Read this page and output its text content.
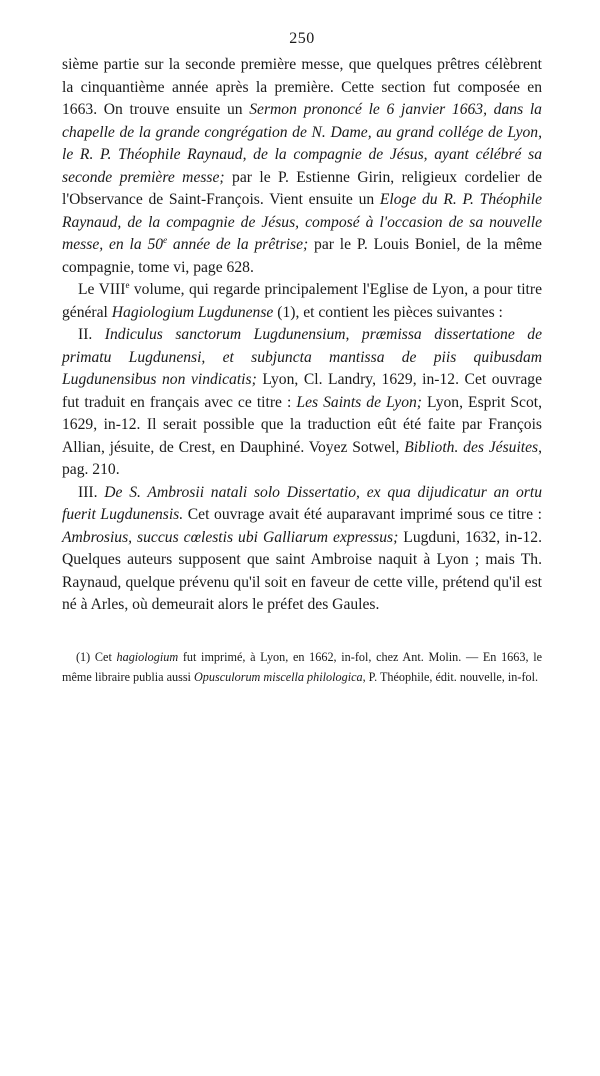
250

sième partie sur la seconde première messe, que quelques prêtres célèbrent la cinquantième année après la première. Cette section fut composée en 1663. On trouve ensuite un Sermon prononcé le 6 janvier 1663, dans la chapelle de la grande congrégation de N. Dame, au grand collége de Lyon, le R. P. Théophile Raynaud, de la compagnie de Jésus, ayant célébré sa seconde première messe; par le P. Estienne Girin, religieux cordelier de l'Observance de Saint-François. Vient ensuite un Eloge du R. P. Théophile Raynaud, de la compagnie de Jésus, composé à l'occasion de sa nouvelle messe, en la 50e année de la prêtrise; par le P. Louis Boniel, de la même compagnie, tome vi, page 628.

Le VIIIe volume, qui regarde principalement l'Eglise de Lyon, a pour titre général Hagiologium Lugdunense (1), et contient les pièces suivantes :

II. Indiculus sanctorum Lugdunensium, præmissa dissertatione de primatu Lugdunensi, et subjuncta mantissa de piis quibusdam Lugdunensibus non vindicatis; Lyon, Cl. Landry, 1629, in-12. Cet ouvrage fut traduit en français avec ce titre : Les Saints de Lyon; Lyon, Esprit Scot, 1629, in-12. Il serait possible que la traduction eût été faite par François Allian, jésuite, de Crest, en Dauphiné. Voyez Sotwel, Biblioth. des Jésuites, pag. 210.

III. De S. Ambrosii natali solo Dissertatio, ex qua dijudicatur an ortu fuerit Lugdunensis. Cet ouvrage avait été auparavant imprimé sous ce titre : Ambrosius, succus cœlestis ubi Galliarum expressus; Lugduni, 1632, in-12. Quelques auteurs supposent que saint Ambroise naquit à Lyon ; mais Th. Raynaud, quelque prévenu qu'il soit en faveur de cette ville, prétend qu'il est né à Arles, où demeurait alors le préfet des Gaules.

(1) Cet hagiologium fut imprimé, à Lyon, en 1662, in-fol, chez Ant. Molin. — En 1663, le même libraire publia aussi Opusculorum miscella philologica, P. Théophile, édit. nouvelle, in-fol.
